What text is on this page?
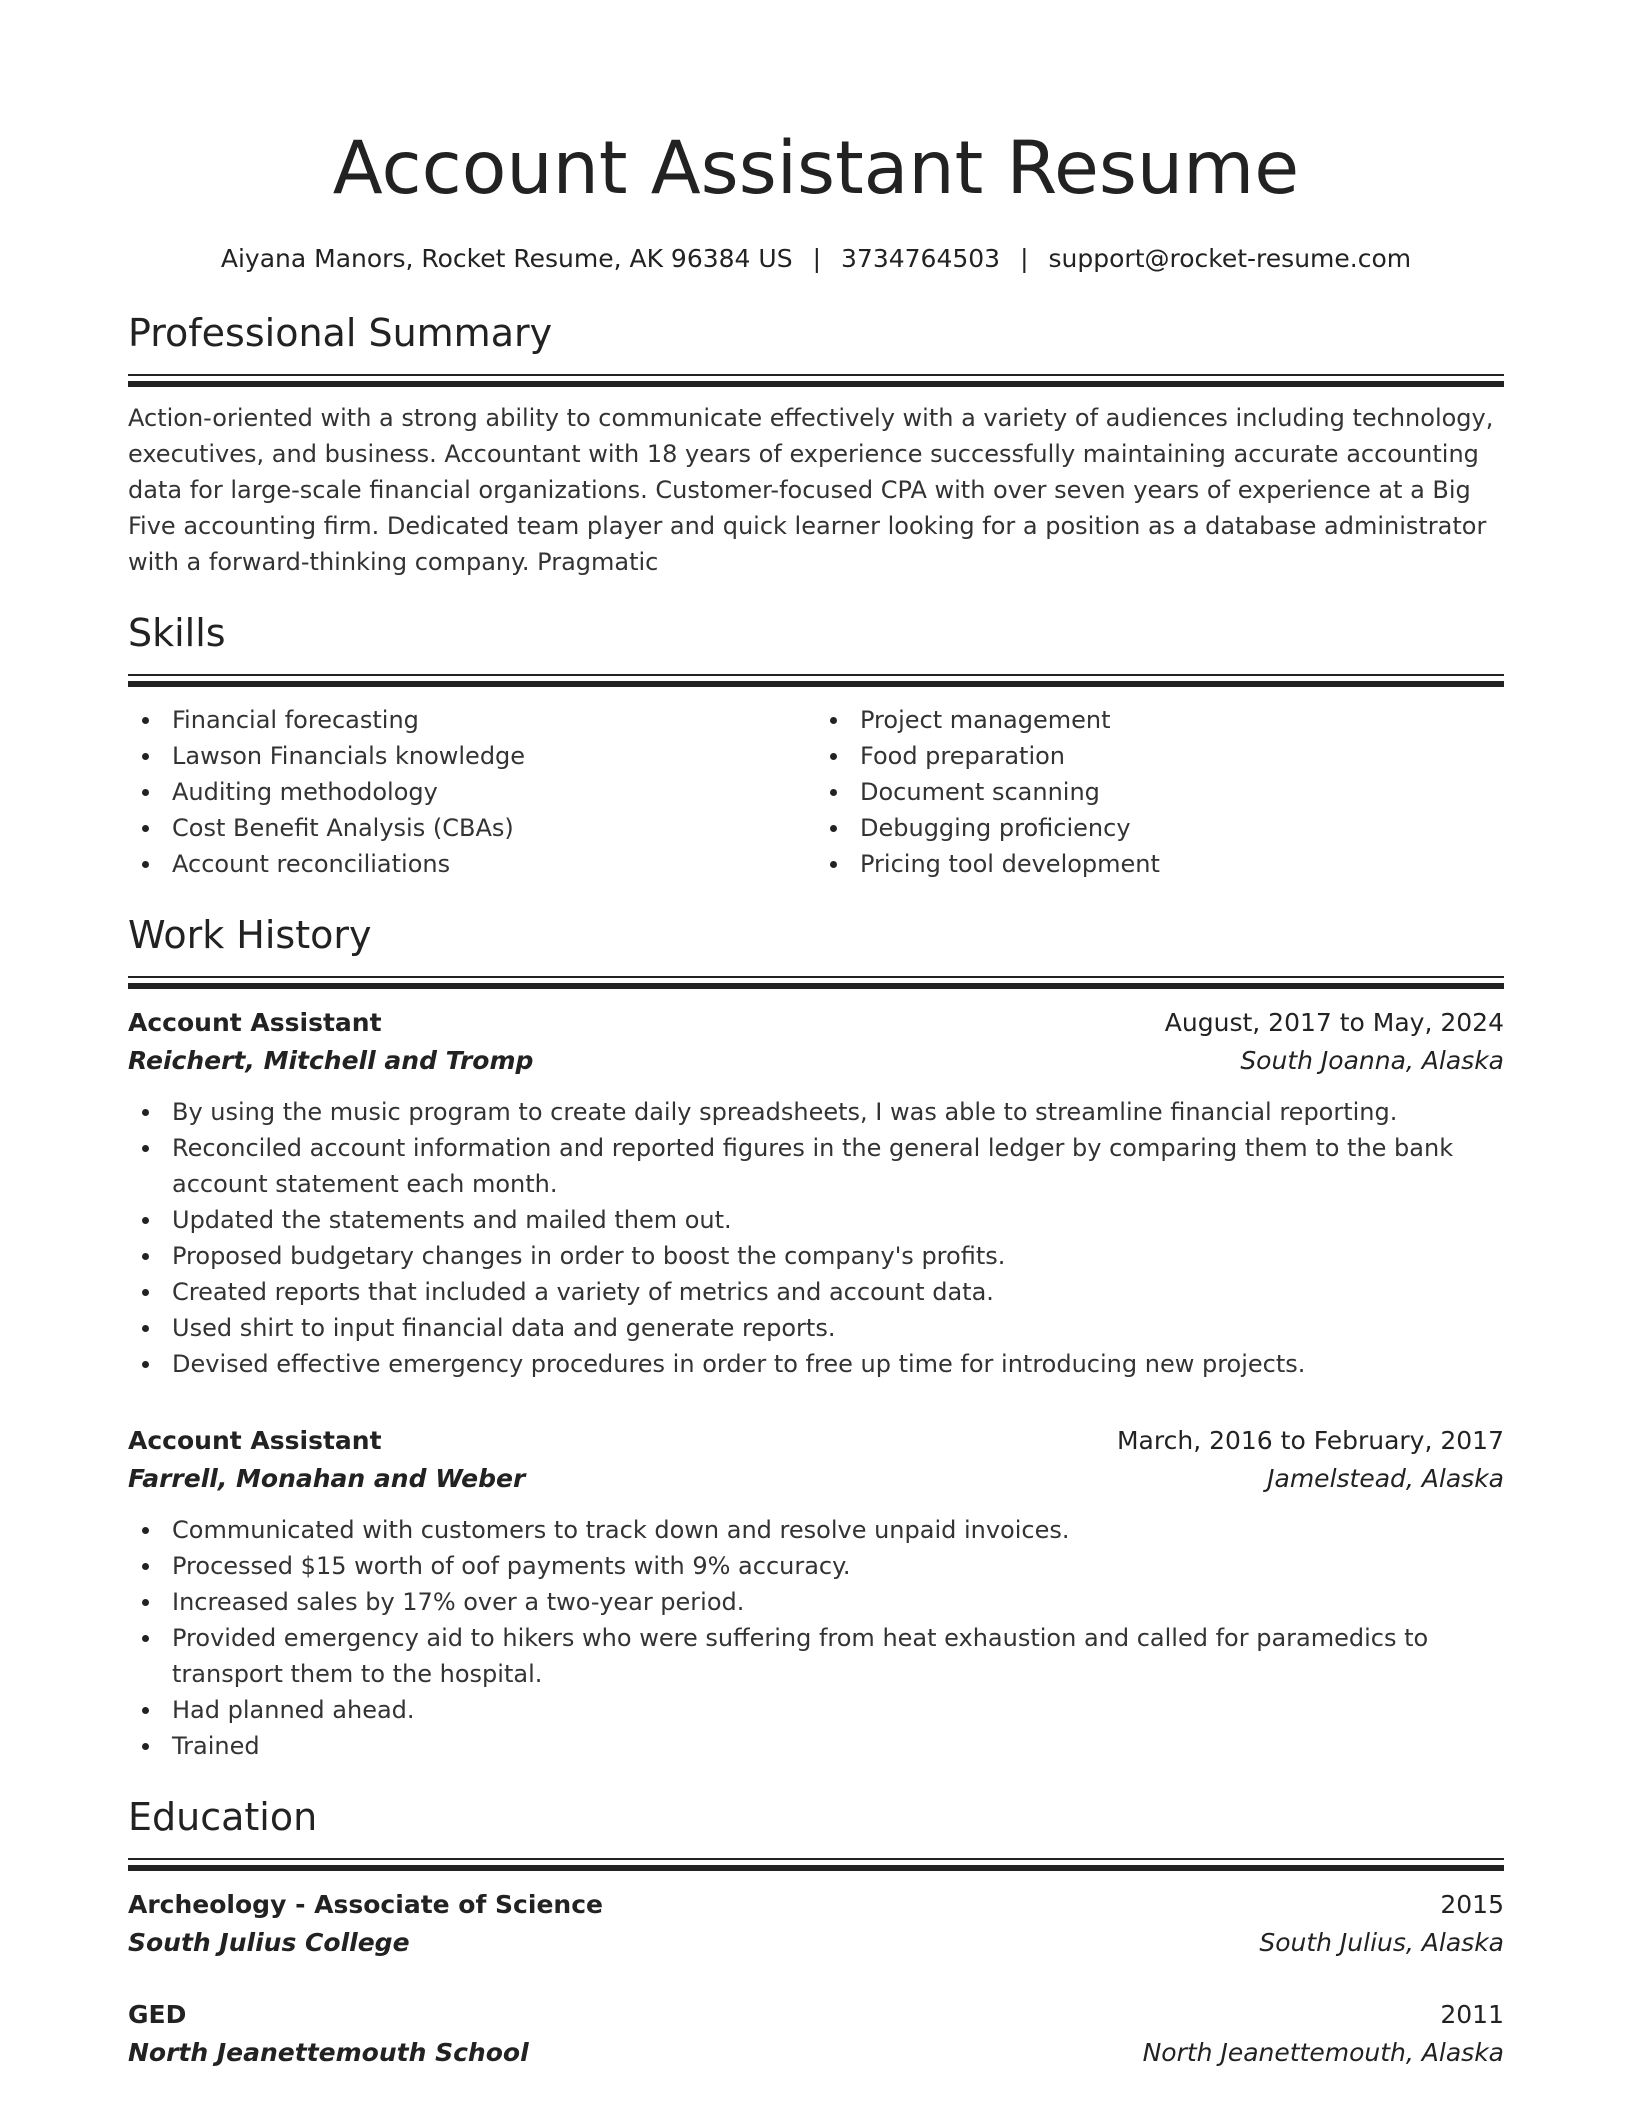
Account Assistant Resume
Aiyana Manors, Rocket Resume, AK 96384 US | 3734764503 | support@rocket-resume.com
Professional Summary

Action-oriented with a strong ability to communicate effectively with a variety of audiences including technology, executives, and business. Accountant with 18 years of experience successfully maintaining accurate accounting data for large-scale financial organizations. Customer-focused CPA with over seven years of experience at a Big Five accounting firm. Dedicated team player and quick learner looking for a position as a database administrator with a forward-thinking company. Pragmatic

Skills
Financial forecasting
Lawson Financials knowledge
Auditing methodology
Cost Benefit Analysis (CBAs)
Account reconciliations
Project management
Food preparation
Document scanning
Debugging proficiency
Pricing tool development
Work History
Account Assistant	August, 2017 to May, 2024
Reichert, Mitchell and Tromp	South Joanna, Alaska
By using the music program to create daily spreadsheets, I was able to streamline financial reporting.
Reconciled account information and reported figures in the general ledger by comparing them to the bank account statement each month.
Updated the statements and mailed them out.
Proposed budgetary changes in order to boost the company's profits.
Created reports that included a variety of metrics and account data.
Used shirt to input financial data and generate reports.
Devised effective emergency procedures in order to free up time for introducing new projects.
Account Assistant	March, 2016 to February, 2017
Farrell, Monahan and Weber	Jamelstead, Alaska
Communicated with customers to track down and resolve unpaid invoices.
Processed $15 worth of oof payments with 9% accuracy.
Increased sales by 17% over a two-year period.
Provided emergency aid to hikers who were suffering from heat exhaustion and called for paramedics to transport them to the hospital.
Had planned ahead.
Trained
Education
Archeology - Associate of Science	2015
South Julius College	South Julius, Alaska
GED	2011
North Jeanettemouth School	North Jeanettemouth, Alaska
